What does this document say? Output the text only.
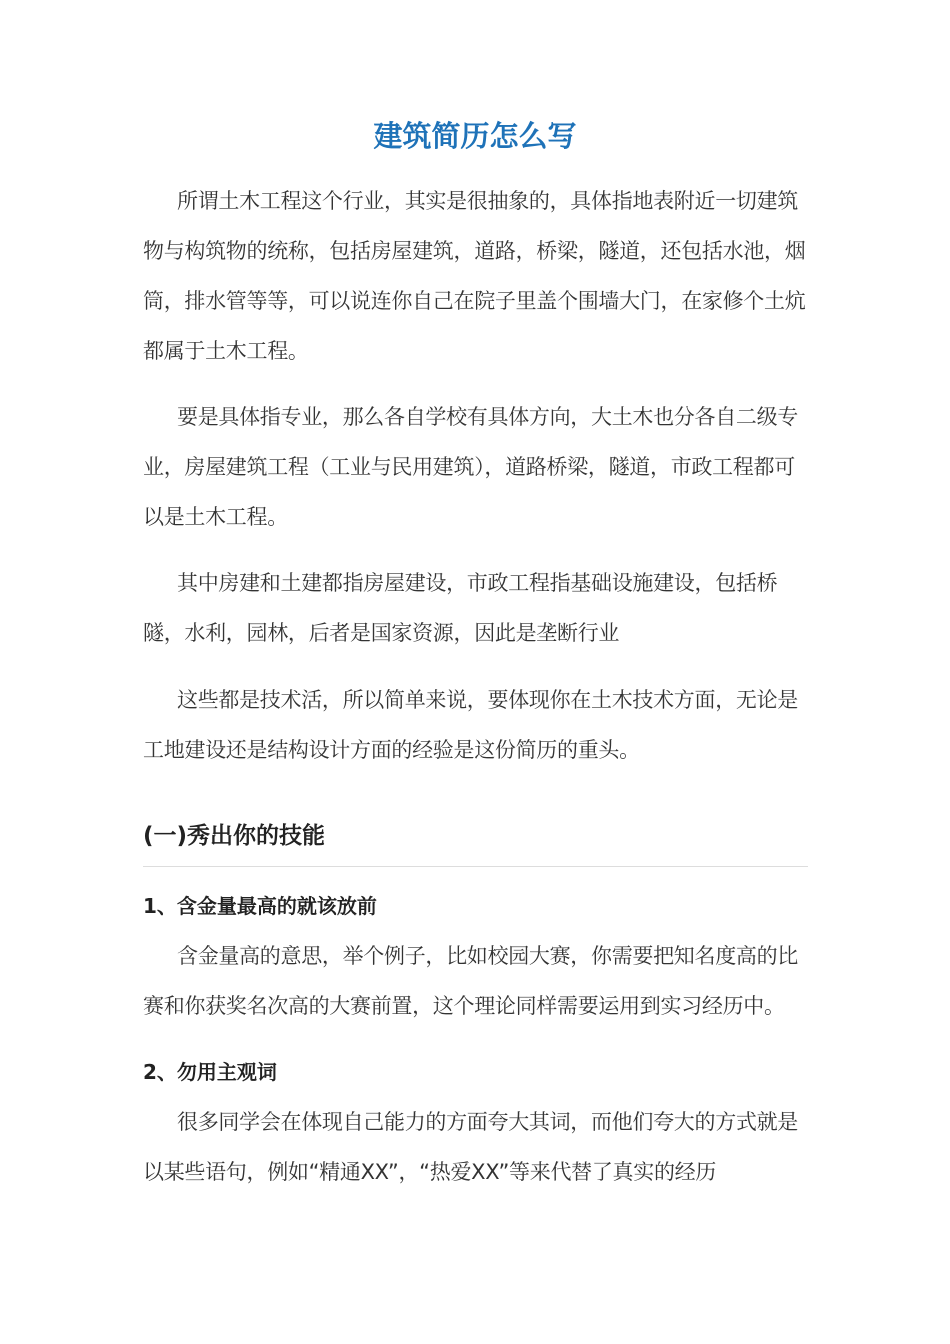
建筑简历怎么写

所谓土木工程这个行业，其实是很抽象的，具体指地表附近一切建筑物与构筑物的统称，包括房屋建筑，道路，桥梁，隧道，还包括水池，烟筒，排水管等等，可以说连你自己在院子里盖个围墙大门，在家修个土炕都属于土木工程。

要是具体指专业，那么各自学校有具体方向，大土木也分各自二级专业，房屋建筑工程（工业与民用建筑），道路桥梁，隧道，市政工程都可以是土木工程。

其中房建和土建都指房屋建设，市政工程指基础设施建设，包括桥隧，水利，园林，后者是国家资源，因此是垄断行业

这些都是技术活，所以简单来说，要体现你在土木技术方面，无论是工地建设还是结构设计方面的经验是这份简历的重头。

(一)秀出你的技能
1、含金量最高的就该放前

含金量高的意思，举个例子，比如校园大赛，你需要把知名度高的比赛和你获奖名次高的大赛前置，这个理论同样需要运用到实习经历中。

2、勿用主观词

很多同学会在体现自己能力的方面夸大其词，而他们夸大的方式就是以某些语句，例如“精通XX”，“热爱XX”等来代替了真实的经历
